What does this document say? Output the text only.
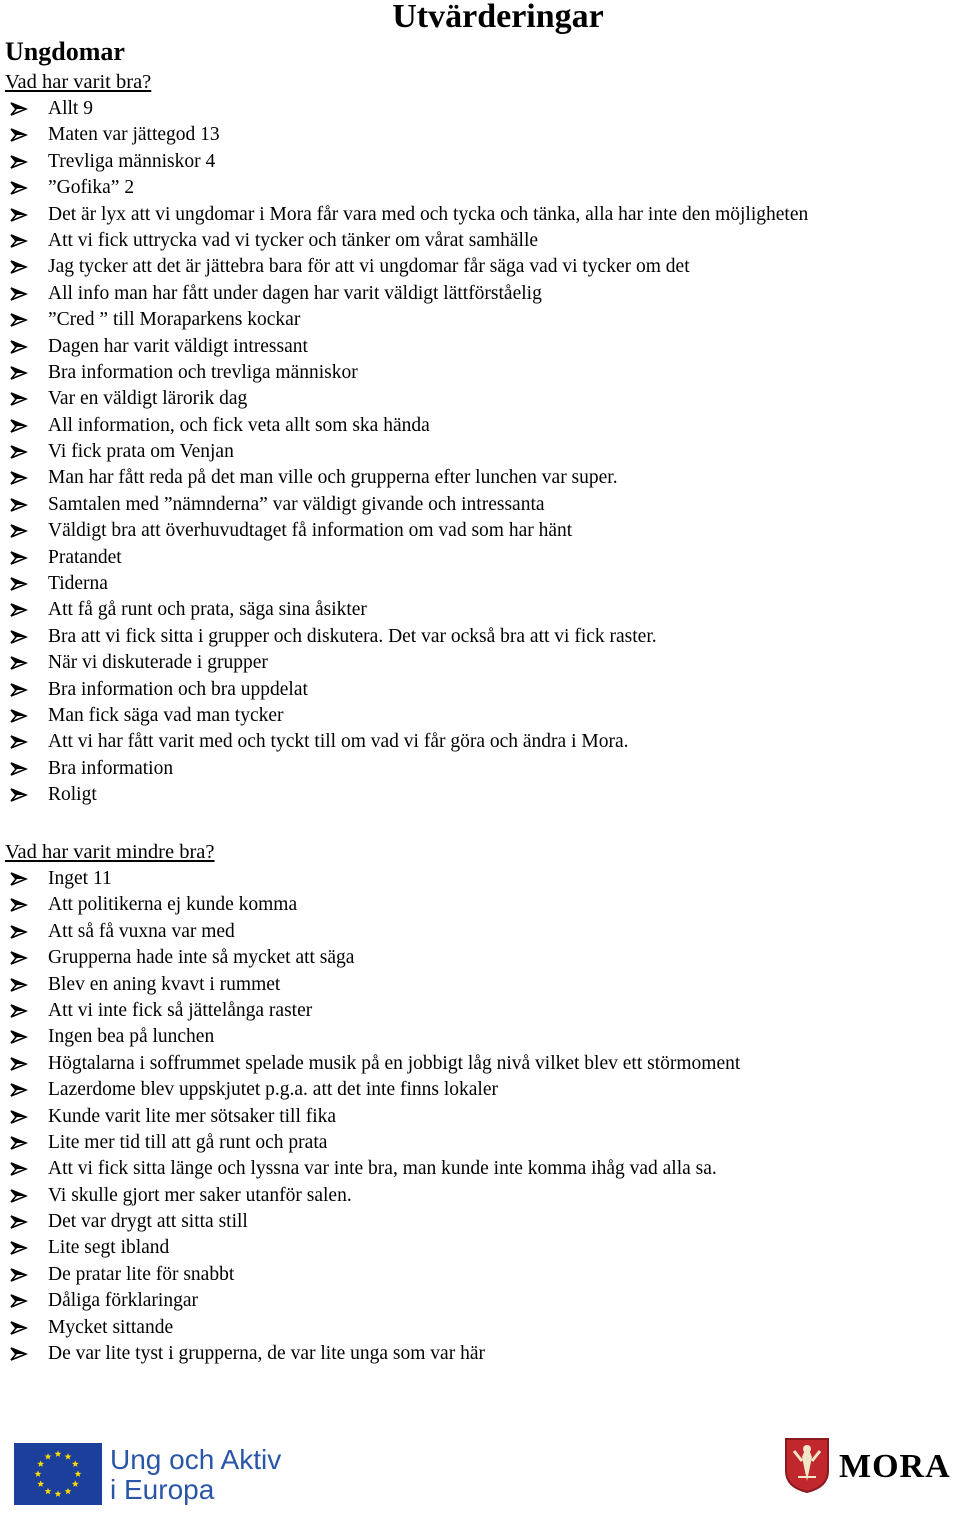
Utvärderingar
Ungdomar
Vad har varit bra?
Allt 9
Maten var jättegod 13
Trevliga människor 4
”Gofika” 2
Det är lyx att vi ungdomar i Mora får vara med och tycka och tänka, alla har inte den möjligheten
Att vi fick uttrycka vad vi tycker och tänker om vårat samhälle
Jag tycker att det är jättebra bara för att vi ungdomar får säga vad vi tycker om det
All info man har fått under dagen har varit väldigt lättförståelig
”Cred ” till Moraparkens kockar
Dagen har varit väldigt intressant
Bra information och trevliga människor
Var en väldigt lärorik dag
All information, och fick veta allt som ska hända
Vi fick prata om Venjan
Man har fått reda på det man ville och grupperna efter lunchen var super.
Samtalen med ”nämnderna” var väldigt givande och intressanta
Väldigt bra att överhuvudtaget få information om vad som har hänt
Pratandet
Tiderna
Att få gå runt och prata, säga sina åsikter
Bra att vi fick sitta i grupper och diskutera. Det var också bra att vi fick raster.
När vi diskuterade i grupper
Bra information och bra uppdelat
Man fick säga vad man tycker
Att vi har fått varit med och tyckt till om vad vi får göra och ändra i Mora.
Bra information
Roligt
Vad har varit mindre bra?
Inget 11
Att politikerna ej kunde komma
Att så få vuxna var med
Grupperna hade inte så mycket att säga
Blev en aning kvavt i rummet
Att vi inte fick så jättelånga raster
Ingen bea på lunchen
Högtalarna i soffrummet spelade musik på en jobbigt låg nivå vilket blev ett störmoment
Lazerdome blev uppskjutet p.g.a. att det inte finns lokaler
Kunde varit lite mer sötsaker till fika
Lite mer tid till att gå runt och prata
Att vi fick sitta länge och lyssna var inte bra, man kunde inte komma ihåg vad alla sa.
Vi skulle gjort mer saker utanför salen.
Det var drygt att sitta still
Lite segt ibland
De pratar lite för snabbt
Dåliga förklaringar
Mycket sittande
De var lite tyst i grupperna, de var lite unga som var här
Ung och Aktiv
i Europa
MORA
